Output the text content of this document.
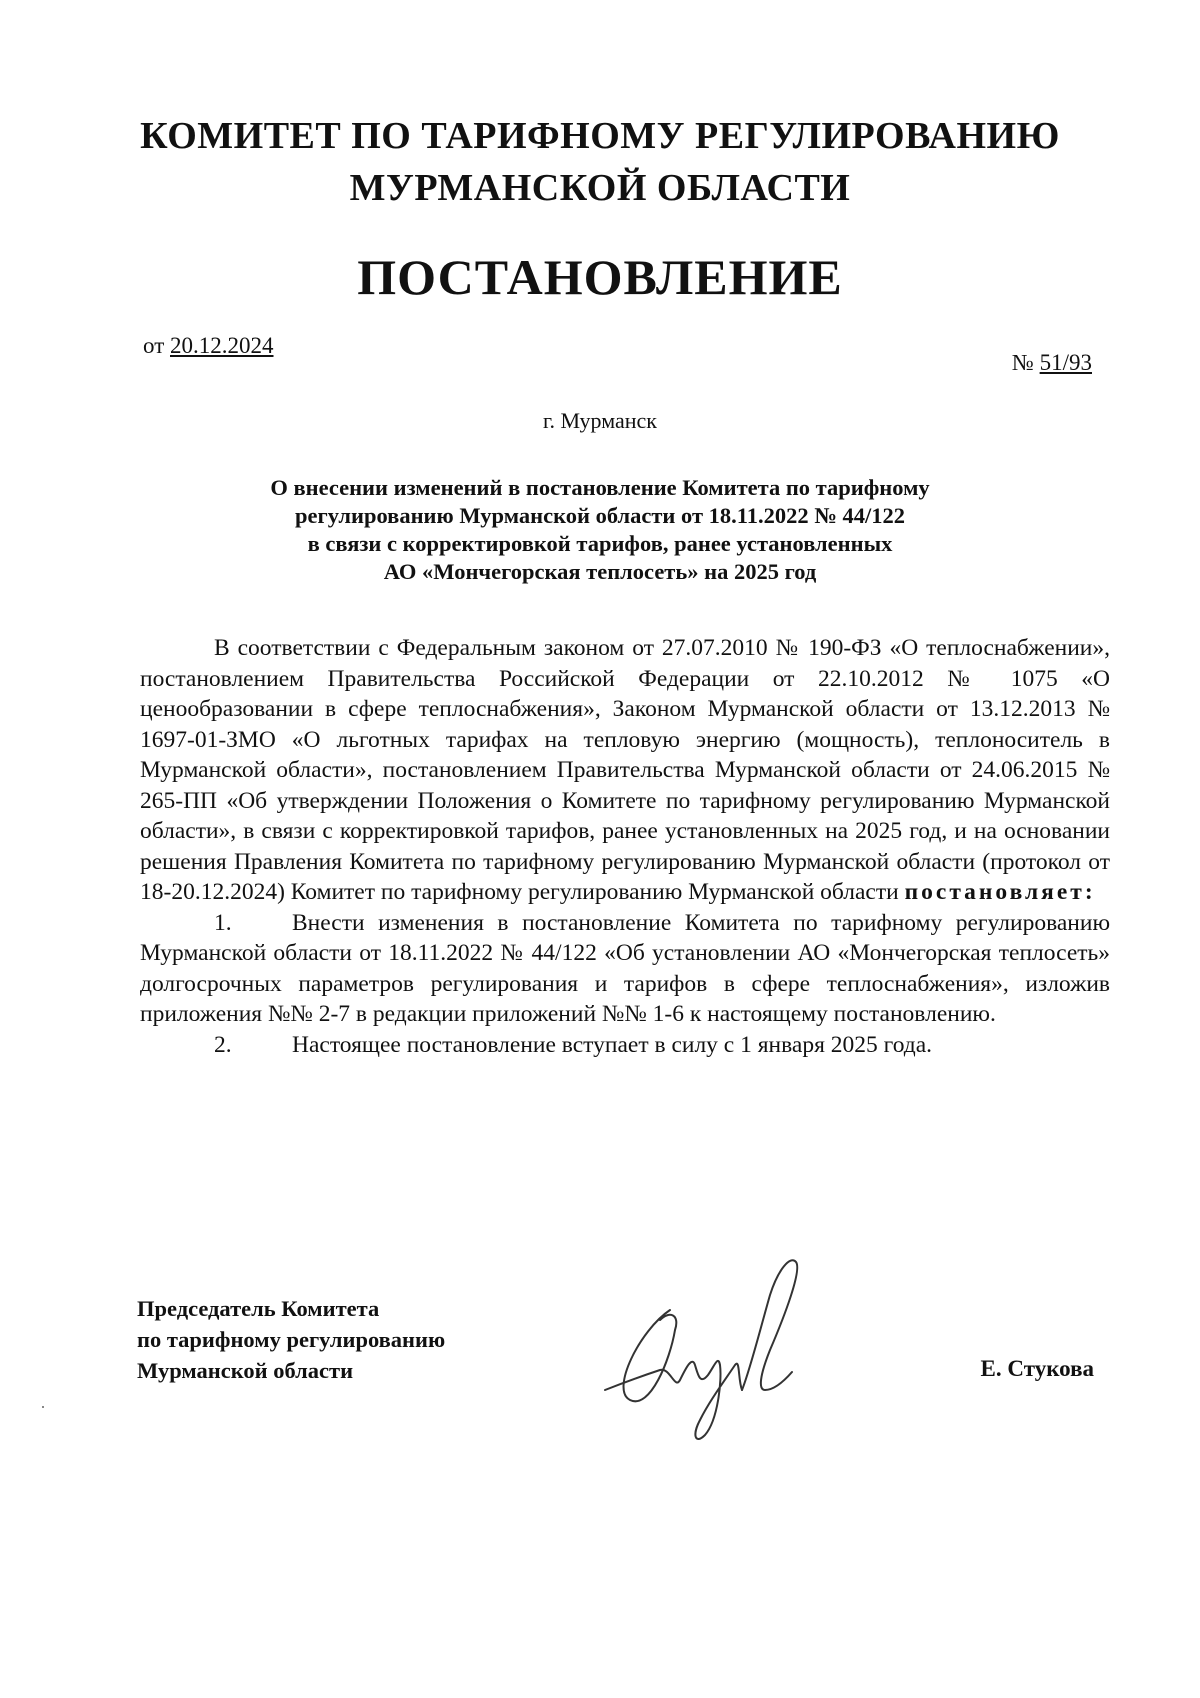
КОМИТЕТ ПО ТАРИФНОМУ РЕГУЛИРОВАНИЮ
МУРМАНСКОЙ ОБЛАСТИ
ПОСТАНОВЛЕНИЕ
от 20.12.2024
№ 51/93
г. Мурманск
О внесении изменений в постановление Комитета по тарифному
регулированию Мурманской области от 18.11.2022 № 44/122
в связи с корректировкой тарифов, ранее установленных
АО «Мончегорская теплосеть» на 2025 год

В соответствии с Федеральным законом от 27.07.2010 № 190-ФЗ «О теплоснабжении», постановлением Правительства Российской Федерации от 22.10.2012 № 1075 «О ценообразовании в сфере теплоснабжения», Законом Мурманской области от 13.12.2013 № 1697-01-ЗМО «О льготных тарифах на тепловую энергию (мощность), теплоноситель в Мурманской области», постановлением Правительства Мурманской области от 24.06.2015 № 265-ПП «Об утверждении Положения о Комитете по тарифному регулированию Мурманской области», в связи с корректировкой тарифов, ранее установленных на 2025 год, и на основании решения Правления Комитета по тарифному регулированию Мурманской области (протокол от 18-20.12.2024) Комитет по тарифному регулированию Мурманской области постановляет:

1.	Внести изменения в постановление Комитета по тарифному регулированию Мурманской области от 18.11.2022 № 44/122 «Об установлении АО «Мончегорская теплосеть» долгосрочных параметров регулирования и тарифов в сфере теплоснабжения», изложив приложения №№ 2-7 в редакции приложений №№ 1-6 к настоящему постановлению.

2.	Настоящее постановление вступает в силу с 1 января 2025 года.

Председатель Комитета
по тарифному регулированию
Мурманской области	Е. Стукова
